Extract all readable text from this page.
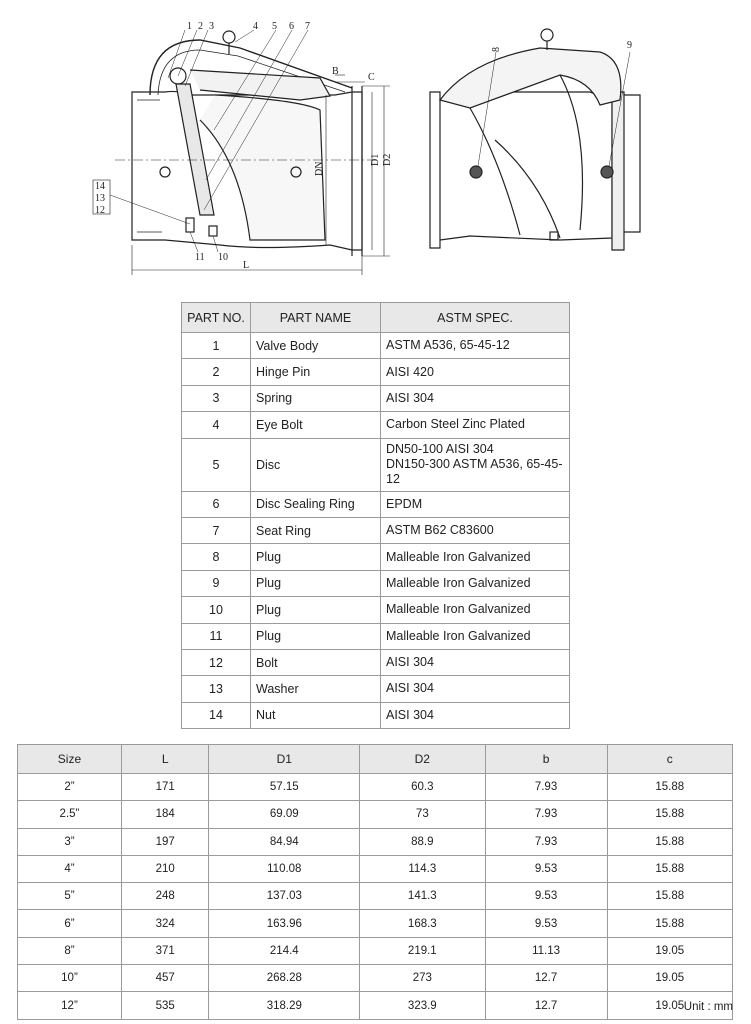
1 2 3	4 5 6 7
14
13
12
11 10
B
C
DN
D1 D2
L
8	9
PART NO.	PART NAME	ASTM SPEC.
1	Valve Body	ASTM A536, 65-45-12
2	Hinge Pin	AISI 420
3	Spring	AISI 304
4	Eye Bolt	Carbon Steel Zinc Plated
5	Disc	DN50-100 AISI 304
DN150-300 ASTM A536, 65-45-12
6	Disc Sealing Ring	EPDM
7	Seat Ring	ASTM B62 C83600
8	Plug	Malleable Iron Galvanized
9	Plug	Malleable Iron Galvanized
10	Plug	Malleable Iron Galvanized
11	Plug	Malleable Iron Galvanized
12	Bolt	AISI 304
13	Washer	AISI 304
14	Nut	AISI 304
Size	L	D1	D2	b	c
2”	171	57.15	60.3	7.93	15.88
2.5”	184	69.09	73	7.93	15.88
3”	197	84.94	88.9	7.93	15.88
4”	210	110.08	114.3	9.53	15.88
5”	248	137.03	141.3	9.53	15.88
6”	324	163.96	168.3	9.53	15.88
8”	371	214.4	219.1	11.13	19.05
10”	457	268.28	273	12.7	19.05
12”	535	318.29	323.9	12.7	19.05 Unit : mm
